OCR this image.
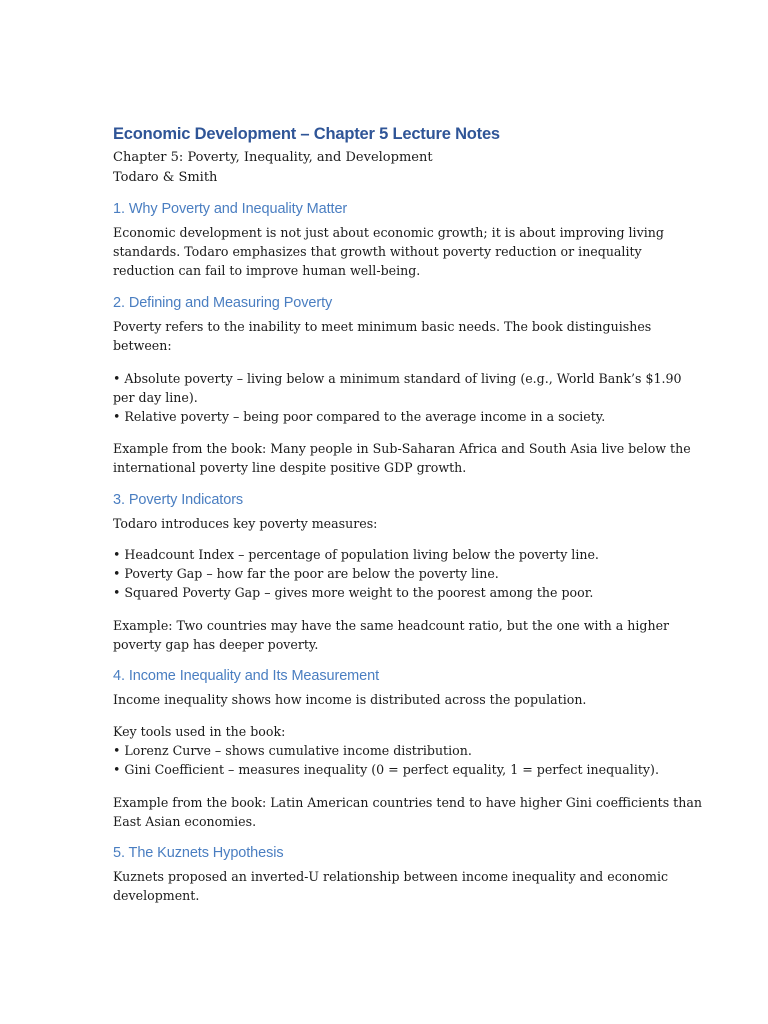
Economic Development – Chapter 5 Lecture Notes
Chapter 5: Poverty, Inequality, and Development
Todaro & Smith
1. Why Poverty and Inequality Matter
Economic development is not just about economic growth; it is about improving living
standards. Todaro emphasizes that growth without poverty reduction or inequality
reduction can fail to improve human well-being.
2. Defining and Measuring Poverty
Poverty refers to the inability to meet minimum basic needs. The book distinguishes
between:
• Absolute poverty – living below a minimum standard of living (e.g., World Bank’s $1.90
per day line).
• Relative poverty – being poor compared to the average income in a society.
Example from the book: Many people in Sub-Saharan Africa and South Asia live below the
international poverty line despite positive GDP growth.
3. Poverty Indicators
Todaro introduces key poverty measures:
• Headcount Index – percentage of population living below the poverty line.
• Poverty Gap – how far the poor are below the poverty line.
• Squared Poverty Gap – gives more weight to the poorest among the poor.
Example: Two countries may have the same headcount ratio, but the one with a higher
poverty gap has deeper poverty.
4. Income Inequality and Its Measurement
Income inequality shows how income is distributed across the population.
Key tools used in the book:
• Lorenz Curve – shows cumulative income distribution.
• Gini Coefficient – measures inequality (0 = perfect equality, 1 = perfect inequality).
Example from the book: Latin American countries tend to have higher Gini coefficients than
East Asian economies.
5. The Kuznets Hypothesis
Kuznets proposed an inverted-U relationship between income inequality and economic
development.
